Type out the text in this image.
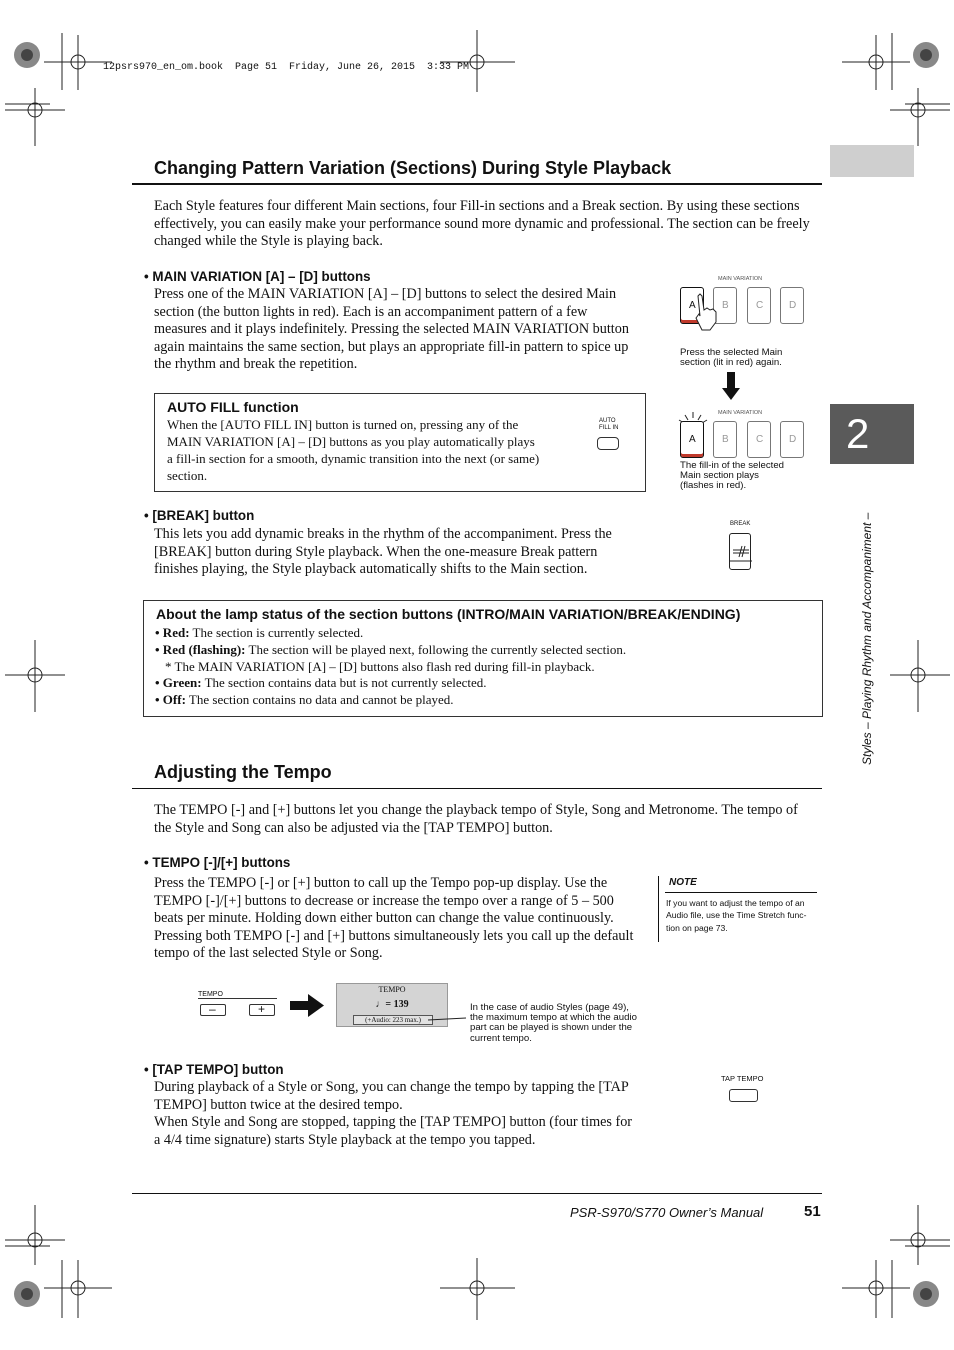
12psrs970_en_om.book  Page 51  Friday, June 26, 2015  3:33 PM
2
Styles – Playing Rhythm and Accompaniment –
Changing Pattern Variation (Sections) During Style Playback
Each Style features four different Main sections, four Fill-in sections and a Break section. By using these sections
effectively, you can easily make your performance sound more dynamic and professional. The section can be freely
changed while the Style is playing back.
• MAIN VARIATION [A] – [D] buttons
Press one of the MAIN VARIATION [A] – [D] buttons to select the desired Main
section (the button lights in red). Each is an accompaniment pattern of a few
measures and it plays indefinitely. Pressing the selected MAIN VARIATION button
again maintains the same section, but plays an appropriate fill-in pattern to spice up
the rhythm and break the repetition.
AUTO FILL function
When the [AUTO FILL IN] button is turned on, pressing any of the
MAIN VARIATION [A] – [D] buttons as you play automatically plays
a fill-in section for a smooth, dynamic transition into the next (or same)
section.
AUTO
FILL IN
MAIN VARIATION
A	B	C	D
Press the selected Main
section (lit in red) again.
MAIN VARIATION
A	B	C	D
The fill-in of the selected
Main section plays
(flashes in red).
• [BREAK] button
This lets you add dynamic breaks in the rhythm of the accompaniment. Press the
[BREAK] button during Style playback. When the one-measure Break pattern
finishes playing, the Style playback automatically shifts to the Main section.
BREAK
About the lamp status of the section buttons (INTRO/MAIN VARIATION/BREAK/ENDING)
• Red: The section is currently selected.
• Red (flashing): The section will be played next, following the currently selected section.
* The MAIN VARIATION [A] – [D] buttons also flash red during fill-in playback.
• Green: The section contains data but is not currently selected.
• Off: The section contains no data and cannot be played.
Adjusting the Tempo
The TEMPO [-] and [+] buttons let you change the playback tempo of Style, Song and Metronome. The tempo of
the Style and Song can also be adjusted via the [TAP TEMPO] button.
• TEMPO [-]/[+] buttons
Press the TEMPO [-] or [+] button to call up the Tempo pop-up display. Use the
TEMPO [-]/[+] buttons to decrease or increase the tempo over a range of 5 – 500
beats per minute. Holding down either button can change the value continuously.
Pressing both TEMPO [-] and [+] buttons simultaneously lets you call up the default
tempo of the last selected Style or Song.
NOTE
If you want to adjust the tempo of an
Audio file, use the Time Stretch func-
tion on page 73.
TEMPO
–	+
TEMPO
♩= 139
(+Audio: 223 max.)
In the case of audio Styles (page 49),
the maximum tempo at which the audio
part can be played is shown under the
current tempo.
• [TAP TEMPO] button
During playback of a Style or Song, you can change the tempo by tapping the [TAP
TEMPO] button twice at the desired tempo.
When Style and Song are stopped, tapping the [TAP TEMPO] button (four times for
a 4/4 time signature) starts Style playback at the tempo you tapped.
TAP TEMPO
PSR-S970/S770 Owner’s Manual	51
